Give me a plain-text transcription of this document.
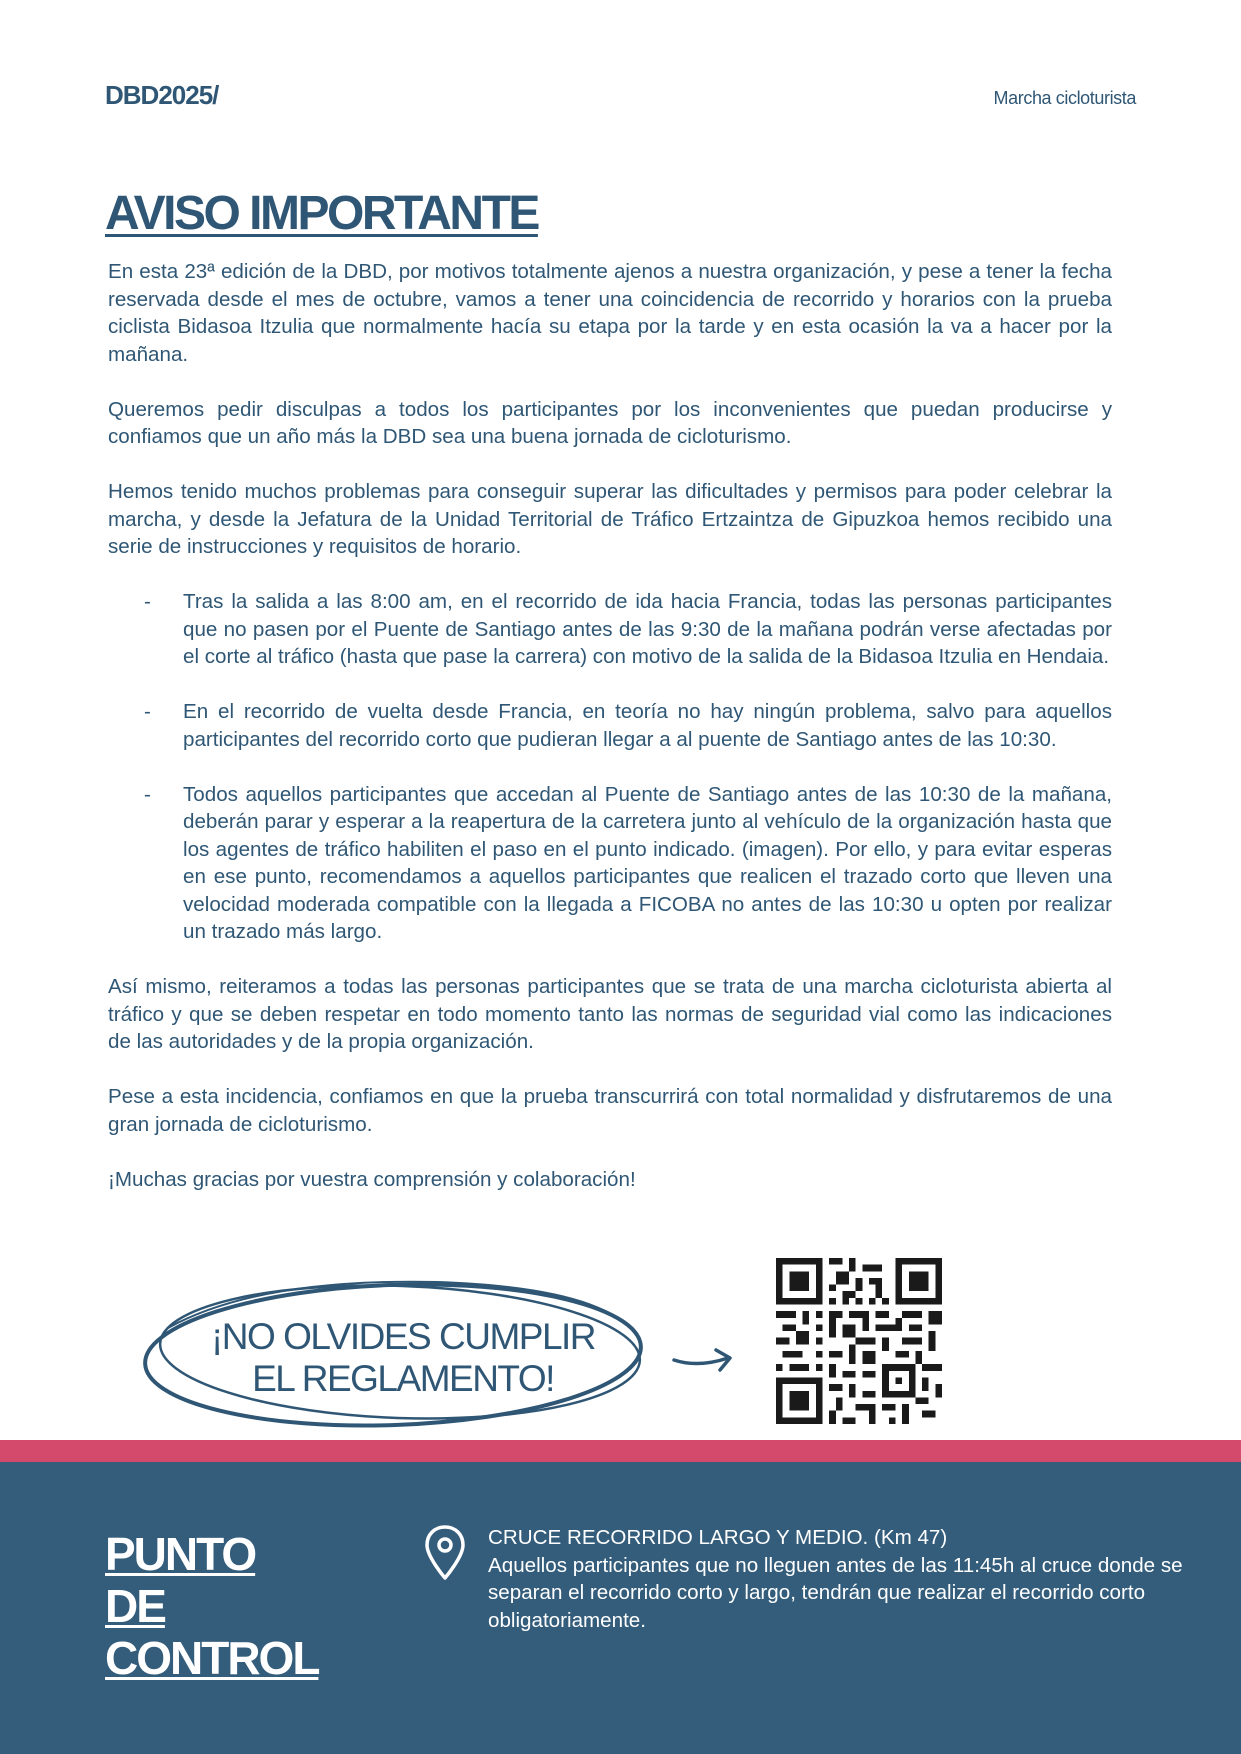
DBD2025/	Marcha cicloturista
AVISO IMPORTANTE

En esta 23ª edición de la DBD, por motivos totalmente ajenos a nuestra organización, y pese a tener la fecha reservada desde el mes de octubre, vamos a tener una coincidencia de recorrido y horarios con la prueba ciclista Bidasoa Itzulia que normalmente hacía su etapa por la tarde y en esta ocasión la va a hacer por la mañana.

Queremos pedir disculpas a todos los participantes por los inconvenientes que puedan producirse y confiamos que un año más la DBD sea una buena jornada de cicloturismo.

Hemos tenido muchos problemas para conseguir superar las dificultades y permisos para poder celebrar la marcha, y desde la Jefatura de la Unidad Territorial de Tráfico Ertzaintza de Gipuzkoa hemos recibido una serie de instrucciones y requisitos de horario.

- Tras la salida a las 8:00 am, en el recorrido de ida hacia Francia, todas las personas participantes que no pasen por el Puente de Santiago antes de las 9:30 de la mañana podrán verse afectadas por el corte al tráfico (hasta que pase la carrera) con motivo de la salida de la Bidasoa Itzulia en Hendaia.
- En el recorrido de vuelta desde Francia, en teoría no hay ningún problema, salvo para aquellos participantes del recorrido corto que pudieran llegar a al puente de Santiago antes de las 10:30.
- Todos aquellos participantes que accedan al Puente de Santiago antes de las 10:30 de la mañana, deberán parar y esperar a la reapertura de la carretera junto al vehículo de la organización hasta que los agentes de tráfico habiliten el paso en el punto indicado. (imagen). Por ello, y para evitar esperas en ese punto, recomendamos a aquellos participantes que realicen el trazado corto que lleven una velocidad moderada compatible con la llegada a FICOBA no antes de las 10:30 u opten por realizar un trazado más largo.

Así mismo, reiteramos a todas las personas participantes que se trata de una marcha cicloturista abierta al tráfico y que se deben respetar en todo momento tanto las normas de seguridad vial como las indicaciones de las autoridades y de la propia organización.

Pese a esta incidencia, confiamos en que la prueba transcurrirá con total normalidad y disfrutaremos de una gran jornada de cicloturismo.

¡Muchas gracias por vuestra comprensión y colaboración!

¡NO OLVIDES CUMPLIR
EL REGLAMENTO!
PUNTO
DE
CONTROL
CRUCE RECORRIDO LARGO Y MEDIO. (Km 47)
Aquellos participantes que no lleguen antes de las 11:45h al cruce donde se separan el recorrido corto y largo, tendrán que realizar el recorrido corto obligatoriamente.
